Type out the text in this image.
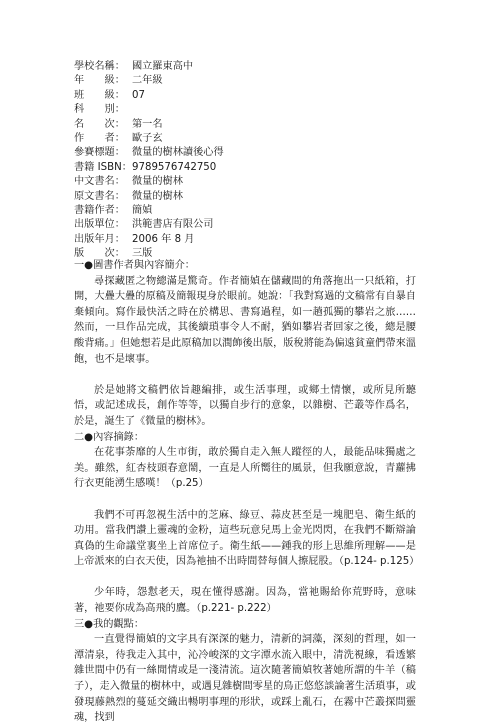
學校名稱： 國立羅東高中
年　　級： 二年級
班　　級： 07
科　　別：
名　　次： 第一名
作　　者： 歐子玄
參賽標題： 微量的樹林讀後心得
書籍 ISBN：9789576742750
中文書名： 微量的樹林
原文書名： 微量的樹林
書籍作者： 簡媜
出版單位： 洪範書店有限公司
出版年月： 2006 年 8 月
版　　次： 三版
一●圖書作者與內容簡介：

尋探藏匿之物總滿是驚奇。作者簡媜在儲藏間的角落拖出一只紙箱，打開，大疊大疊的原稿及簡報現身於眼前。她說：「我對寫過的文稿常有自暴自棄傾向。寫作最快活之時在於構思、書寫過程，如一趟孤獨的攀岩之旅……然而，一旦作品完成，其後續瑣事令人不耐，猶如攀岩者回家之後，總是腰酸背痛。」但她想若是此原稿加以潤飾後出版，版稅將能為偏遠貧童們帶來溫飽，也不是壞事。

於是她將文稿們依旨趣編排，或生活事理，或鄉土情懷，或所見所聽悟，或記述成長，創作等等，以獨自步行的意象，以雜樹、芒叢等作爲名，於是，誕生了《微量的樹林》。

二●內容摘錄：

在花事荼靡的人生市街，敢於獨自走入無人蹤徑的人，最能品味獨處之美。雖然，紅杏枝頭春意鬧，一直是人所嚮往的風景，但我願意說，青蘿拂行衣更能湧生感嘆！（p.25）

我們不可再忽視生活中的芝麻、綠豆、蒜皮甚至是一塊肥皂、衛生紙的功用。當我們讚上靈魂的金粉，這些玩意兒馬上金光閃閃，在我們不斷辯論真偽的生命議堂裏坐上首席位子。衛生紙——鍾我的形上思維所理解——是上帝派來的白衣天使，因為祂抽不出時間替每個人擦屁股。（p.124- p.125）

少年時，怨懟老天，現在懂得感謝。因為，當祂賜給你荒野時，意味著，祂要你成為高飛的鷹。（p.221- p.222）

三●我的觀點：

一直覺得簡媜的文字具有深深的魅力，清新的詞藻，深刻的哲理，如一潭清泉，待我走入其中，沁冷峻深的文字潭水流入眼中，清洗視線，看透繁雜世間中仍有一絲閒情或是一淺清流。這次隨著簡媜牧著她所謂的牛羊（稿子），走入微量的樹林中，或遇見雜樹間零星的鳥正悠悠談論著生活瑣事，或發現藤熱烈的蔓延交織出暢明事理的形狀，或踩上亂石，在霧中芒叢探問靈魂，找到
